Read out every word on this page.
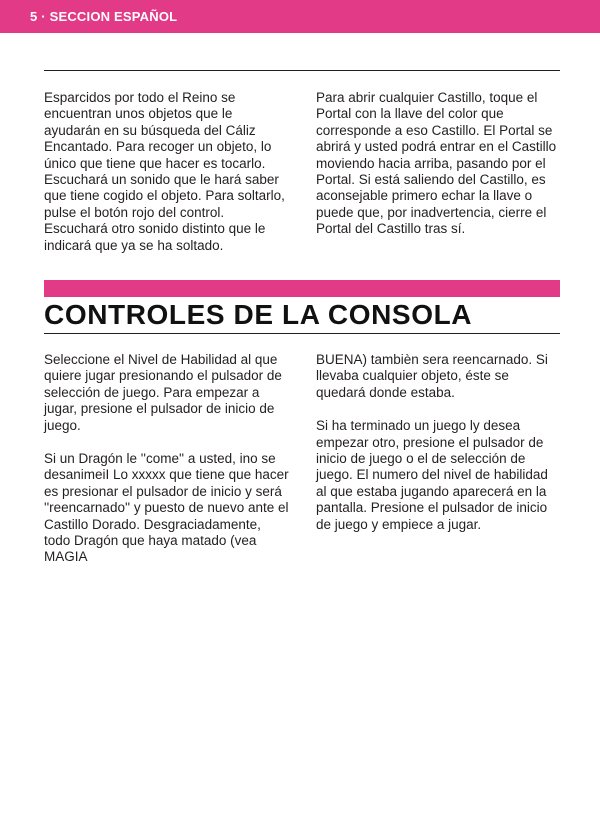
5 · SECCION ESPAÑOL

Esparcidos por todo el Reino se encuentran unos objetos que le ayudarán en su búsqueda del Cáliz Encantado. Para recoger un objeto, lo único que tiene que hacer es tocarlo. Escuchará un sonido que le hará saber que tiene cogido el objeto. Para soltarlo, pulse el botón rojo del control. Escuchará otro sonido distinto que le indicará que ya se ha soltado.

Para abrir cualquier Castillo, toque el Portal con la llave del color que corresponde a eso Castillo. El Portal se abrirá y usted podrá entrar en el Castillo moviendo hacia arriba, pasando por el Portal. Si está saliendo del Castillo, es aconsejable primero echar la llave o puede que, por inadvertencia, cierre el Portal del Castillo tras sí.

CONTROLES DE LA CONSOLA

Seleccione el Nivel de Habilidad al que quiere jugar presionando el pulsador de selección de juego. Para empezar a jugar, presione el pulsador de inicio de juego.

Si un Dragón le ''come'' a usted, ino se desanimeiI Lo xxxxx que tiene que hacer es presionar el pulsador de inicio y será ''reencarnado'' y puesto de nuevo ante el Castillo Dorado. Desgraciadamente, todo Dragón que haya matado (vea MAGIA

BUENA) tambièn sera reencarnado. Si llevaba cualquier objeto, éste se quedará donde estaba.

Si ha terminado un juego ly desea empezar otro, presione el pulsador de inicio de juego o el de selección de juego. El numero del nivel de habilidad al que estaba jugando aparecerá en la pantalla. Presione el pulsador de inicio de juego y empiece a jugar.
